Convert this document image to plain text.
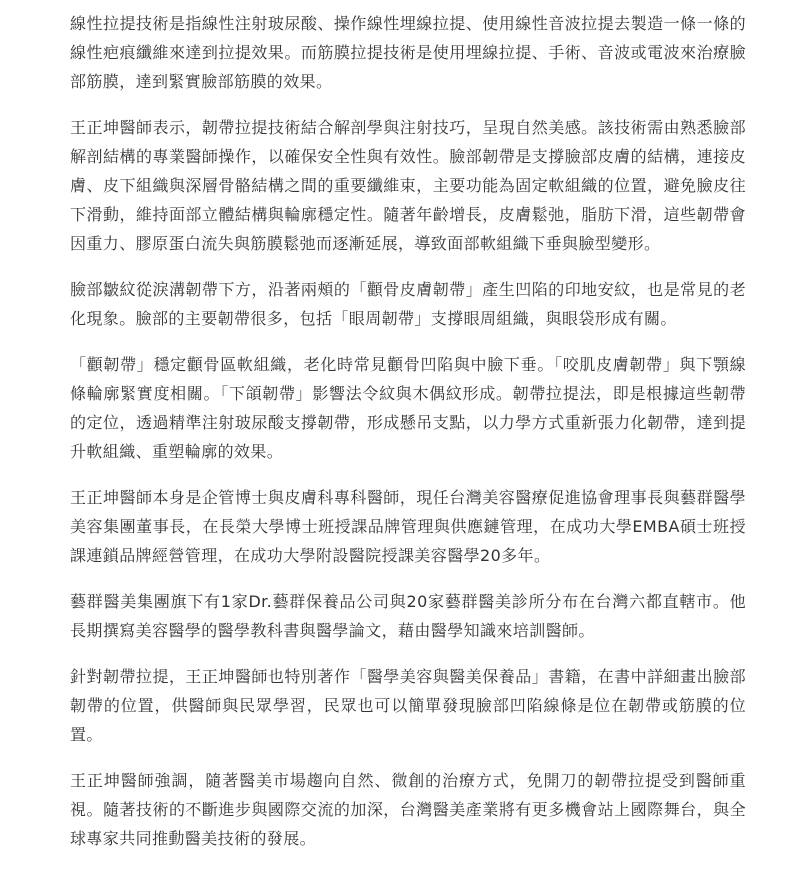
線性拉提技術是指線性注射玻尿酸、操作線性埋線拉提、使用線性音波拉提去製造一條一條的線性疤痕纖維來達到拉提效果。而筋膜拉提技術是使用埋線拉提、手術、音波或電波來治療臉部筋膜，達到緊實臉部筋膜的效果。

王正坤醫師表示，韌帶拉提技術結合解剖學與注射技巧，呈現自然美感。該技術需由熟悉臉部解剖結構的專業醫師操作，以確保安全性與有效性。臉部韌帶是支撐臉部皮膚的結構，連接皮膚、皮下組織與深層骨骼結構之間的重要纖維束，主要功能為固定軟組織的位置，避免臉皮往下滑動，維持面部立體結構與輪廓穩定性。隨著年齡增長，皮膚鬆弛，脂肪下滑，這些韌帶會因重力、膠原蛋白流失與筋膜鬆弛而逐漸延展，導致面部軟組織下垂與臉型變形。

臉部皺紋從淚溝韌帶下方，沿著兩頰的「顴骨皮膚韌帶」產生凹陷的印地安紋，也是常見的老化現象。臉部的主要韌帶很多，包括「眼周韌帶」支撐眼周組織，與眼袋形成有關。

「顴韌帶」穩定顴骨區軟組織，老化時常見顴骨凹陷與中臉下垂。「咬肌皮膚韌帶」與下顎線條輪廓緊實度相關。「下頜韌帶」影響法令紋與木偶紋形成。韌帶拉提法，即是根據這些韌帶的定位，透過精準注射玻尿酸支撐韌帶，形成懸吊支點，以力學方式重新張力化韌帶，達到提升軟組織、重塑輪廓的效果。

王正坤醫師本身是企管博士與皮膚科專科醫師，現任台灣美容醫療促進協會理事長與藝群醫學美容集團董事長，在長榮大學博士班授課品牌管理與供應鏈管理，在成功大學EMBA碩士班授課連鎖品牌經營管理，在成功大學附設醫院授課美容醫學20多年。

藝群醫美集團旗下有1家Dr.藝群保養品公司與20家藝群醫美診所分布在台灣六都直轄市。他長期撰寫美容醫學的醫學教科書與醫學論文，藉由醫學知識來培訓醫師。

針對韌帶拉提，王正坤醫師也特別著作「醫學美容與醫美保養品」書籍，在書中詳細畫出臉部韌帶的位置，供醫師與民眾學習，民眾也可以簡單發現臉部凹陷線條是位在韌帶或筋膜的位置。

王正坤醫師強調，隨著醫美市場趨向自然、微創的治療方式，免開刀的韌帶拉提受到醫師重視。隨著技術的不斷進步與國際交流的加深，台灣醫美產業將有更多機會站上國際舞台，與全球專家共同推動醫美技術的發展。
